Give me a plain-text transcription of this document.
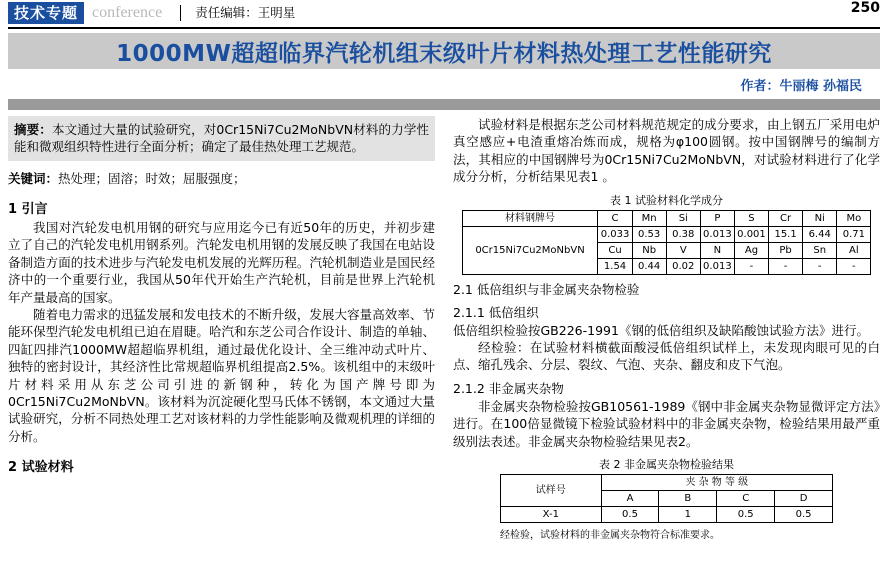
技术专题 conference	责任编辑：王明星	250
1000MW超超临界汽轮机组末级叶片材料热处理工艺性能研究
作者：牛丽梅 孙福民
摘要：本文通过大量的试验研究，对0Cr15Ni7Cu2MoNbVN材料的力学性能和微观组织特性进行全面分析；确定了最佳热处理工艺规范。
关键词：热处理；固溶；时效；屈服强度；
1 引言

我国对汽轮发电机用钢的研究与应用迄今已有近50年的历史，并初步建立了自己的汽轮发电机用钢系列。汽轮发电机用钢的发展反映了我国在电站设备制造方面的技术进步与汽轮发电机发展的光辉历程。汽轮机制造业是国民经济中的一个重要行业，我国从50年代开始生产汽轮机，目前是世界上汽轮机年产量最高的国家。

随着电力需求的迅猛发展和发电技术的不断升级，发展大容量高效率、节能环保型汽轮发电机组已迫在眉睫。哈汽和东芝公司合作设计、制造的单轴、四缸四排汽1000MW超超临界机组，通过最优化设计、全三维冲动式叶片、独特的密封设计，其经济性比常规超临界机组提高2.5%。该机组中的末级叶片材料采用从东芝公司引进的新钢种，转化为国产牌号即为0Cr15Ni7Cu2MoNbVN。该材料为沉淀硬化型马氏体不锈钢，本文通过大量试验研究，分析不同热处理工艺对该材料的力学性能影响及微观机理的详细的分析。

2 试验材料

试验材料是根据东芝公司材料规范规定的成分要求，由上钢五厂采用电炉真空感应+电渣重熔冶炼而成，规格为φ100圆钢。按中国钢牌号的编制方法，其相应的中国钢牌号为0Cr15Ni7Cu2MoNbVN，对试验材料进行了化学成分分析，分析结果见表1 。

表 1 试验材料化学成分
材料钢牌号	C	Mn	Si	P	S	Cr	Ni	Mo
0Cr15Ni7Cu2MoNbVN	0.033	0.53	0.38	0.013	0.001	15.1	6.44	0.71
	Cu	Nb	V	N	Ag	Pb	Sn	Al
	1.54	0.44	0.02	0.013	-	-	-	-
2.1 低倍组织与非金属夹杂物检验
2.1.1 低倍组织

低倍组织检验按GB226-1991《钢的低倍组织及缺陷酸蚀试验方法》进行。

经检验：在试验材料横截面酸浸低倍组织试样上，未发现肉眼可见的白点、缩孔残余、分层、裂纹、气泡、夹杂、翻皮和皮下气泡。

2.1.2 非金属夹杂物

非金属夹杂物检验按GB10561-1989《钢中非金属夹杂物显微评定方法》进行。在100倍显微镜下检验试验材料中的非金属夹杂物，检验结果用最严重级别法表述。非金属夹杂物检验结果见表2。

表 2 非金属夹杂物检验结果
试样号	夹 杂 物 等 级			
	A	B	C	D
X-1	0.5	1	0.5	0.5
经检验，试验材料的非金属夹杂物符合标准要求。
